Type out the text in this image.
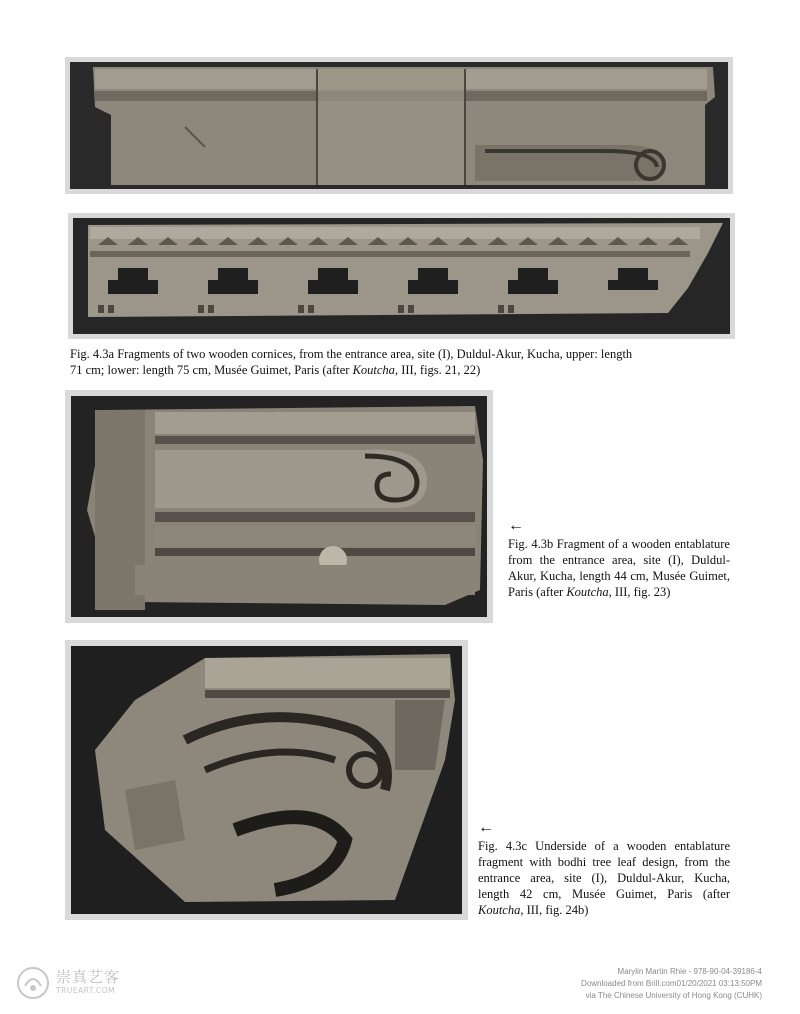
Fig. 4.3a Fragments of two wooden cornices, from the entrance area, site (I), Duldul-Akur, Kucha, upper: length
71 cm; lower: length 75 cm, Musée Guimet, Paris (after Koutcha, III, figs. 21, 22)
←
Fig. 4.3b Fragment of a wooden entablature from the entrance area, site (I), Duldul-Akur, Kucha, length 44 cm, Musée Guimet, Paris (after Koutcha, III, fig. 23)
←
Fig. 4.3c Underside of a wooden entablature fragment with bodhi tree leaf design, from the entrance area, site (I), Duldul-Akur, Kucha, length 42 cm, Musée Guimet, Paris (after Koutcha, III, fig. 24b)
崇真艺客
TRUEART.COM
Marylin Martin Rhie - 978-90-04-39186-4
Downloaded from Brill.com01/20/2021 03:13:50PM
via The Chinese University of Hong Kong (CUHK)
